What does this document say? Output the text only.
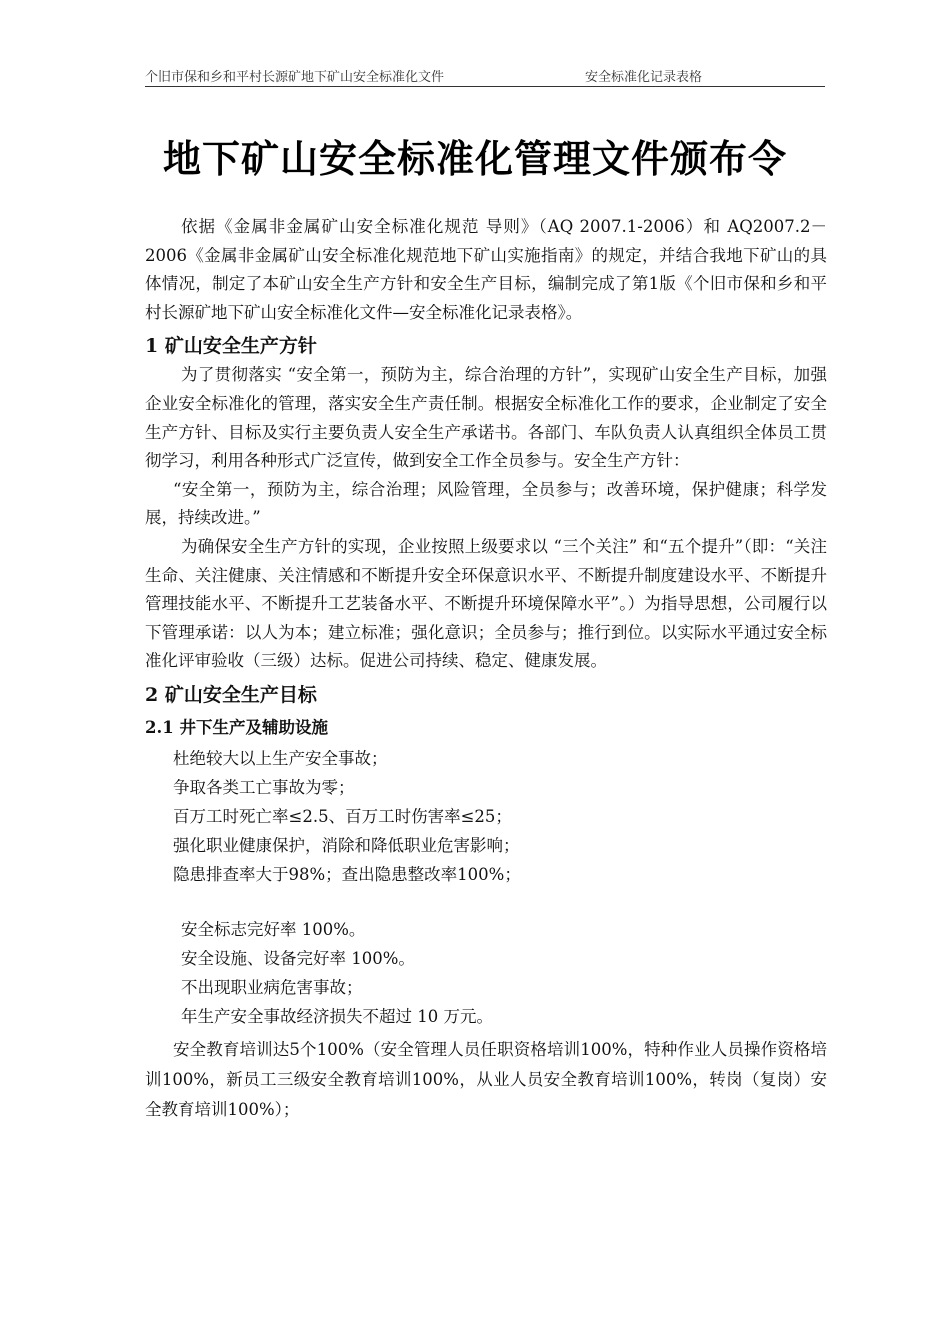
个旧市保和乡和平村长源矿地下矿山安全标准化文件	安全标准化记录表格
地下矿山安全标准化管理文件颁布令

依据《金属非金属矿山安全标准化规范 导则》（AQ 2007.1-2006）和 AQ2007.2－2006《金属非金属矿山安全标准化规范地下矿山实施指南》的规定，并结合我地下矿山的具体情况，制定了本矿山安全生产方针和安全生产目标，编制完成了第1版《个旧市保和乡和平村长源矿地下矿山安全标准化文件—安全标准化记录表格》。

1 矿山安全生产方针

为了贯彻落实 “安全第一，预防为主，综合治理的方针”，实现矿山安全生产目标，加强企业安全标准化的管理，落实安全生产责任制。根据安全标准化工作的要求，企业制定了安全生产方针、目标及实行主要负责人安全生产承诺书。各部门、车队负责人认真组织全体员工贯彻学习，利用各种形式广泛宣传，做到安全工作全员参与。安全生产方针：

“安全第一，预防为主，综合治理；风险管理，全员参与；改善环境，保护健康；科学发展，持续改进。”

为确保安全生产方针的实现，企业按照上级要求以 “三个关注” 和“五个提升”（即：“关注生命、关注健康、关注情感和不断提升安全环保意识水平、不断提升制度建设水平、不断提升管理技能水平、不断提升工艺装备水平、不断提升环境保障水平”。）为指导思想，公司履行以下管理承诺：以人为本；建立标准；强化意识；全员参与；推行到位。以实际水平通过安全标准化评审验收（三级）达标。促进公司持续、稳定、健康发展。

2 矿山安全生产目标
2.1 井下生产及辅助设施

杜绝较大以上生产安全事故；

争取各类工亡事故为零；

百万工时死亡率≤2.5、百万工时伤害率≤25；

强化职业健康保护，消除和降低职业危害影响；

隐患排查率大于98%；查出隐患整改率100%；

安全标志完好率 100%。

安全设施、设备完好率 100%。

不出现职业病危害事故；

年生产安全事故经济损失不超过 10 万元。

安全教育培训达5个100%（安全管理人员任职资格培训100%，特种作业人员操作资格培训100%，新员工三级安全教育培训100%，从业人员安全教育培训100%，转岗（复岗）安全教育培训100%）；
